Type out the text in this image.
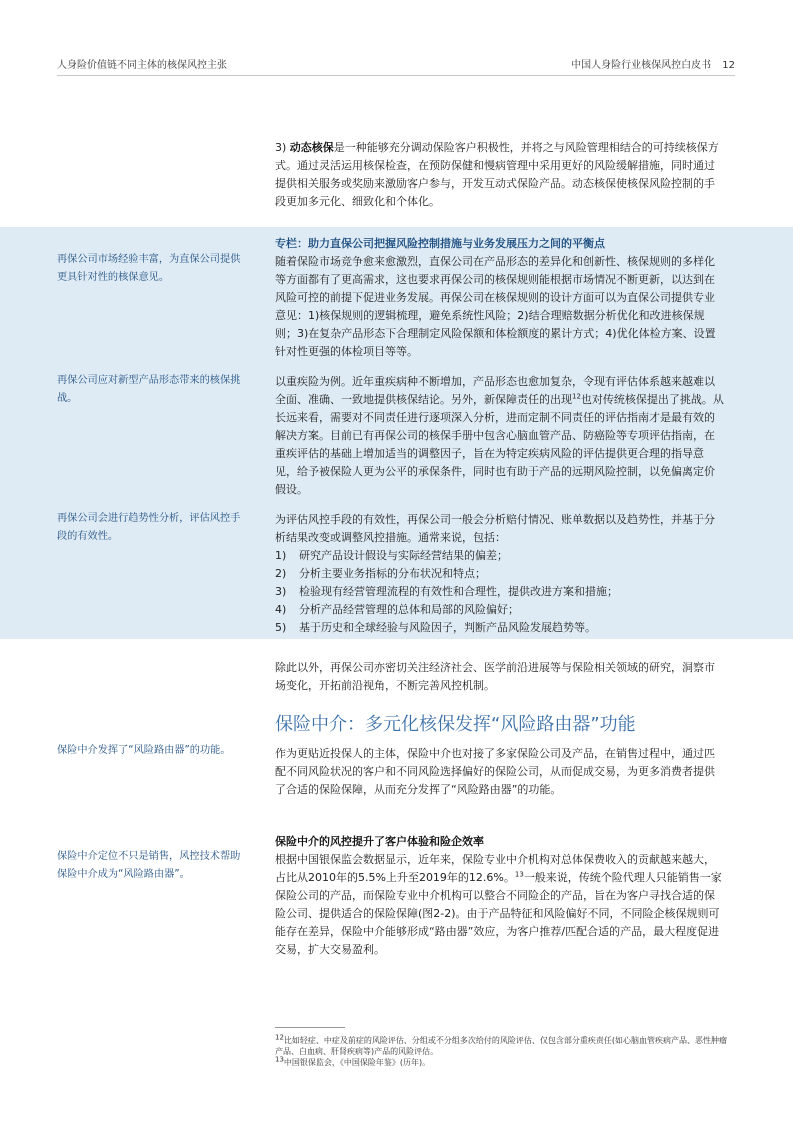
人身险价值链不同主体的核保风控主张	中国人身险行业核保风控白皮书 12
3) 动态核保是一种能够充分调动保险客户积极性，并将之与风险管理相结合的可持续核保方式。通过灵活运用核保检查，在预防保健和慢病管理中采用更好的风险缓解措施，同时通过提供相关服务或奖励来激励客户参与，开发互动式保险产品。动态核保使核保风险控制的手段更加多元化、细致化和个体化。
专栏：助力直保公司把握风险控制措施与业务发展压力之间的平衡点
随着保险市场竞争愈来愈激烈，直保公司在产品形态的差异化和创新性、核保规则的多样化等方面都有了更高需求，这也要求再保公司的核保规则能根据市场情况不断更新，以达到在风险可控的前提下促进业务发展。再保公司在核保规则的设计方面可以为直保公司提供专业意见：1)核保规则的逻辑梳理，避免系统性风险；2)结合理赔数据分析优化和改进核保规则；3)在复杂产品形态下合理制定风险保额和体检额度的累计方式；4)优化体检方案、设置针对性更强的体检项目等等。
以重疾险为例。近年重疾病种不断增加，产品形态也愈加复杂，令现有评估体系越来越难以全面、准确、一致地提供核保结论。另外，新保障责任的出现$^{12}$也对传统核保提出了挑战。从长远来看，需要对不同责任进行逐项深入分析，进而定制不同责任的评估指南才是最有效的解决方案。目前已有再保公司的核保手册中包含心脑血管产品、防癌险等专项评估指南，在重疾评估的基础上增加适当的调整因子，旨在为特定疾病风险的评估提供更合理的指导意见，给予被保险人更为公平的承保条件，同时也有助于产品的远期风险控制，以免偏离定价假设。
为评估风控手段的有效性，再保公司一般会分析赔付情况、账单数据以及趋势性，并基于分析结果改变或调整风控措施。通常来说，包括：
1)	研究产品设计假设与实际经营结果的偏差；
2)	分析主要业务指标的分布状况和特点；
3)	检验现有经营管理流程的有效性和合理性，提供改进方案和措施；
4)	分析产品经营管理的总体和局部的风险偏好；
5)	基于历史和全球经验与风险因子，判断产品风险发展趋势等。
再保公司市场经验丰富，为直保公司提供更具针对性的核保意见。
再保公司应对新型产品形态带来的核保挑战。
再保公司会进行趋势性分析，评估风控手段的有效性。
保险中介发挥了“风险路由器”的功能。
保险中介定位不只是销售，风控技术帮助保险中介成为“风险路由器”。
除此以外，再保公司亦密切关注经济社会、医学前沿进展等与保险相关领域的研究，洞察市场变化，开拓前沿视角，不断完善风控机制。
保险中介：多元化核保发挥“风险路由器”功能
作为更贴近投保人的主体，保险中介也对接了多家保险公司及产品，在销售过程中，通过匹配不同风险状况的客户和不同风险选择偏好的保险公司，从而促成交易，为更多消费者提供了合适的保险保障，从而充分发挥了“风险路由器”的功能。
保险中介的风控提升了客户体验和险企效率
根据中国银保监会数据显示，近年来，保险专业中介机构对总体保费收入的贡献越来越大，占比从2010年的5.5%上升至2019年的12.6%。$^{13}$一般来说，传统个险代理人只能销售一家保险公司的产品，而保险专业中介机构可以整合不同险企的产品，旨在为客户寻找合适的保险公司、提供适合的保险保障(图2-2)。由于产品特征和风险偏好不同，不同险企核保规则可能存在差异，保险中介能够形成“路由器”效应，为客户推荐/匹配合适的产品，最大程度促进交易，扩大交易盈利。
$^{12}$比如轻症、中症及前症的风险评估、分组或不分组多次给付的风险评估、仅包含部分重疾责任(如心脑血管疾病产品、恶性肿瘤产品、白血病、肝肾疾病等)产品的风险评估。
$^{13}$中国银保监会，《中国保险年鉴》(历年)。
